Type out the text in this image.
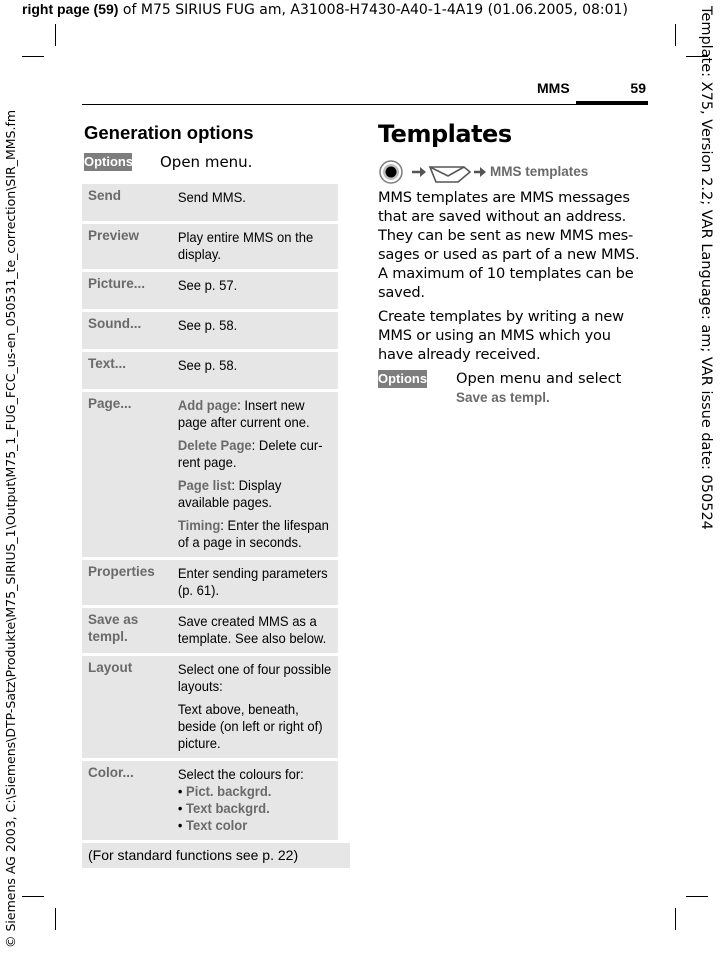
right page (59) of M75 SIRIUS FUG am, A31008-H7430-A40-1-4A19 (01.06.2005, 08:01)	Template: X75, Version 2.2; VAR Language: am; VAR issue date: 050524
© Siemens AG 2003, C:\Siemens\DTP-Satz\Produkte\M75_SIRIUS_1\Output\M75_1_FUG_FCC_us-en_050531_te_correction\SIR_MMS.fm
MMS	59
Generation options
Options Open menu.
Send	Send MMS.
Preview	Play entire MMS on the display.
Picture...	See p. 57.
Sound...	See p. 58.
Text...	See p. 58.
Page...	Add page: Insert new page after current one.
Delete Page: Delete cur-rent page.
Page list: Display available pages.
Timing: Enter the lifespan of a page in seconds.

Properties	Enter sending parameters (p. 61).
Save as templ.	Save created MMS as a template. See also below.
Layout	Select one of four possible layouts:
Text above, beneath, beside (on left or right of) picture.

Color...	Select the colours for:
• Pict. backgrd.
• Text backgrd.
• Text color

(For standard functions see p. 22)	
Templates
MMS templates
MMS templates are MMS messages that are saved without an address. They can be sent as new MMS mes-sages or used as part of a new MMS. A maximum of 10 templates can be saved.
Create templates by writing a new MMS or using an MMS which you have already received.
Options Open menu and select
Save as templ.
